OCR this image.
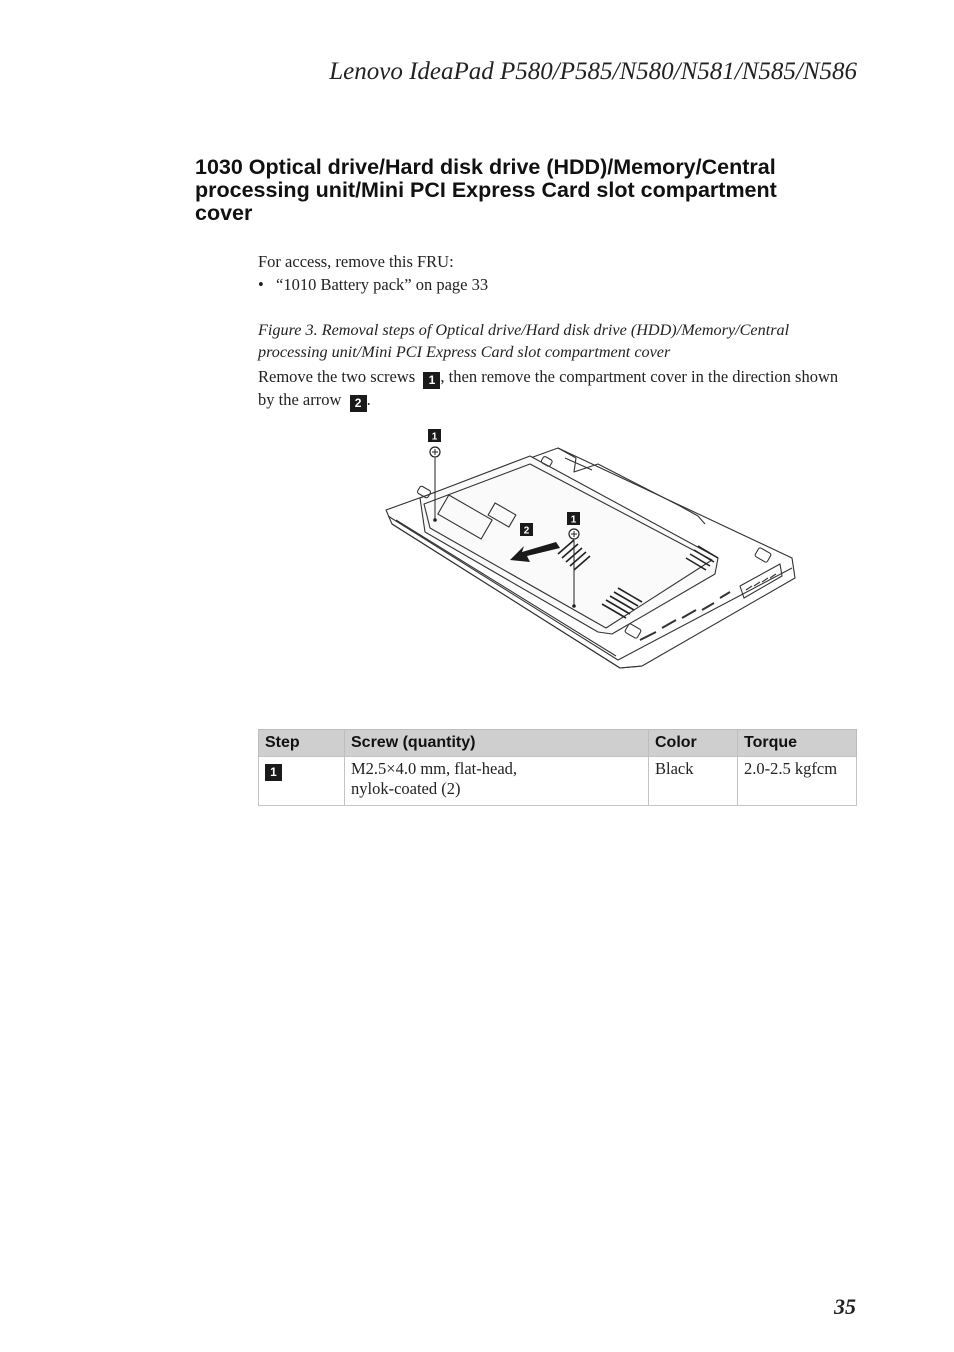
Lenovo IdeaPad P580/P585/N580/N581/N585/N586
1030 Optical drive/Hard disk drive (HDD)/Memory/Central processing unit/Mini PCI Express Card slot compartment cover
For access, remove this FRU:
• “1010 Battery pack” on page 33
Figure 3. Removal steps of Optical drive/Hard disk drive (HDD)/Memory/Central processing unit/Mini PCI Express Card slot compartment cover
Remove the two screws 1 , then remove the compartment cover in the direction shown by the arrow 2 .
1
2
1
Step	Screw (quantity)	Color	Torque
1	M2.5×4.0 mm, flat-head,
nylok-coated (2)	Black	2.0-2.5 kgfcm
35
